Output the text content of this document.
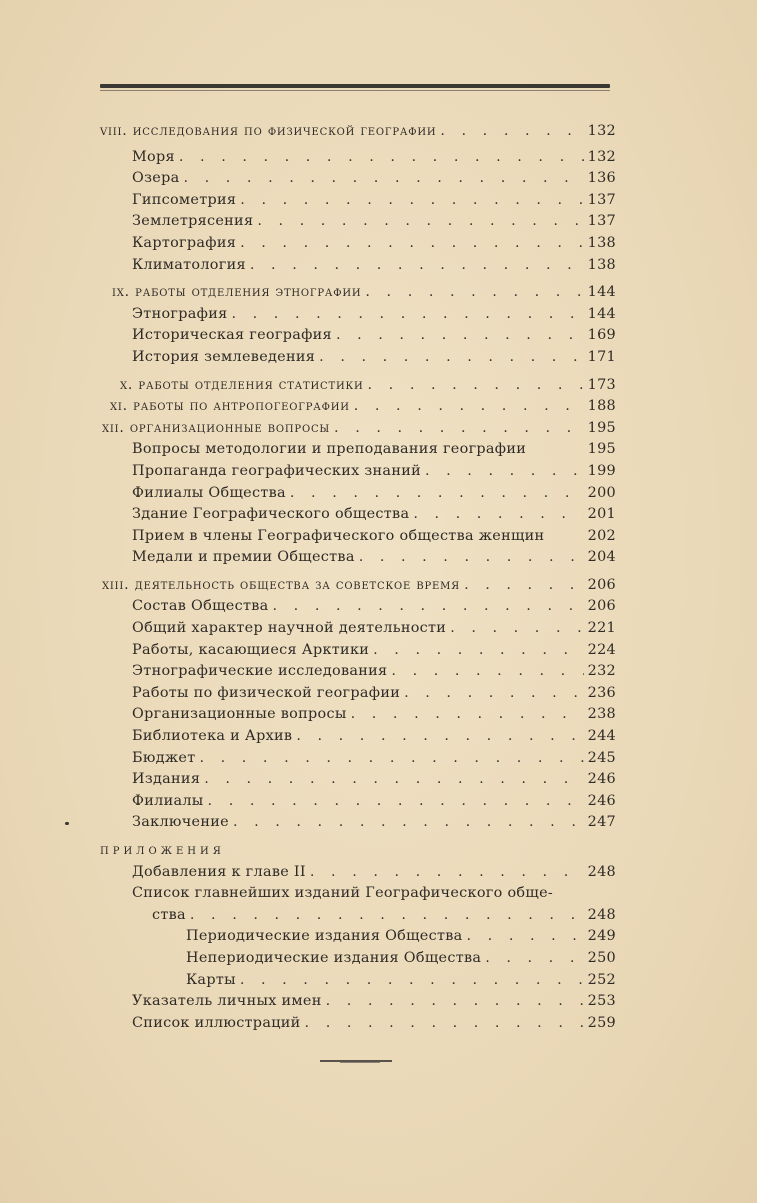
viii. исследования по физической географии . . .	132
Моря . . .	132
Озера . . .	136
Гипсометрия . . .	137
Землетрясения . . .	137
Картография . . .	138
Климатология . . .	138
ix. работы отделения этнографии . . .	144
Этнография . . .	144
Историческая география . . .	169
История землеведения . . .	171
x. работы отделения статистики . . .	173
xi. работы по антропогеографии . . .	188
xii. организационные вопросы . . .	195
Вопросы методологии и преподавания географии	195
Пропаганда географических знаний . . .	199
Филиалы Общества . . .	200
Здание Географического общества . . .	201
Прием в члены Географического общества женщин	202
Медали и премии Общества . . .	204
xiii. деятельность общества за советское время . . .	206
Состав Общества . . .	206
Общий характер научной деятельности . . .	221
Работы, касающиеся Арктики . . .	224
Этнографические исследования . . .	232
Работы по физической географии . . .	236
Организационные вопросы . . .	238
Библиотека и Архив . . .	244
Бюджет . . .	245
Издания . . .	246
Филиалы . . .	246
Заключение . . .	247
приложения
Добавления к главе II . . .	248
Список главнейших изданий Географического обще-
ства . . .	248
Периодические издания Общества . . .	249
Непериодические издания Общества . . .	250
Карты . . .	252
Указатель личных имен . . .	253
Список иллюстраций . . .	259
